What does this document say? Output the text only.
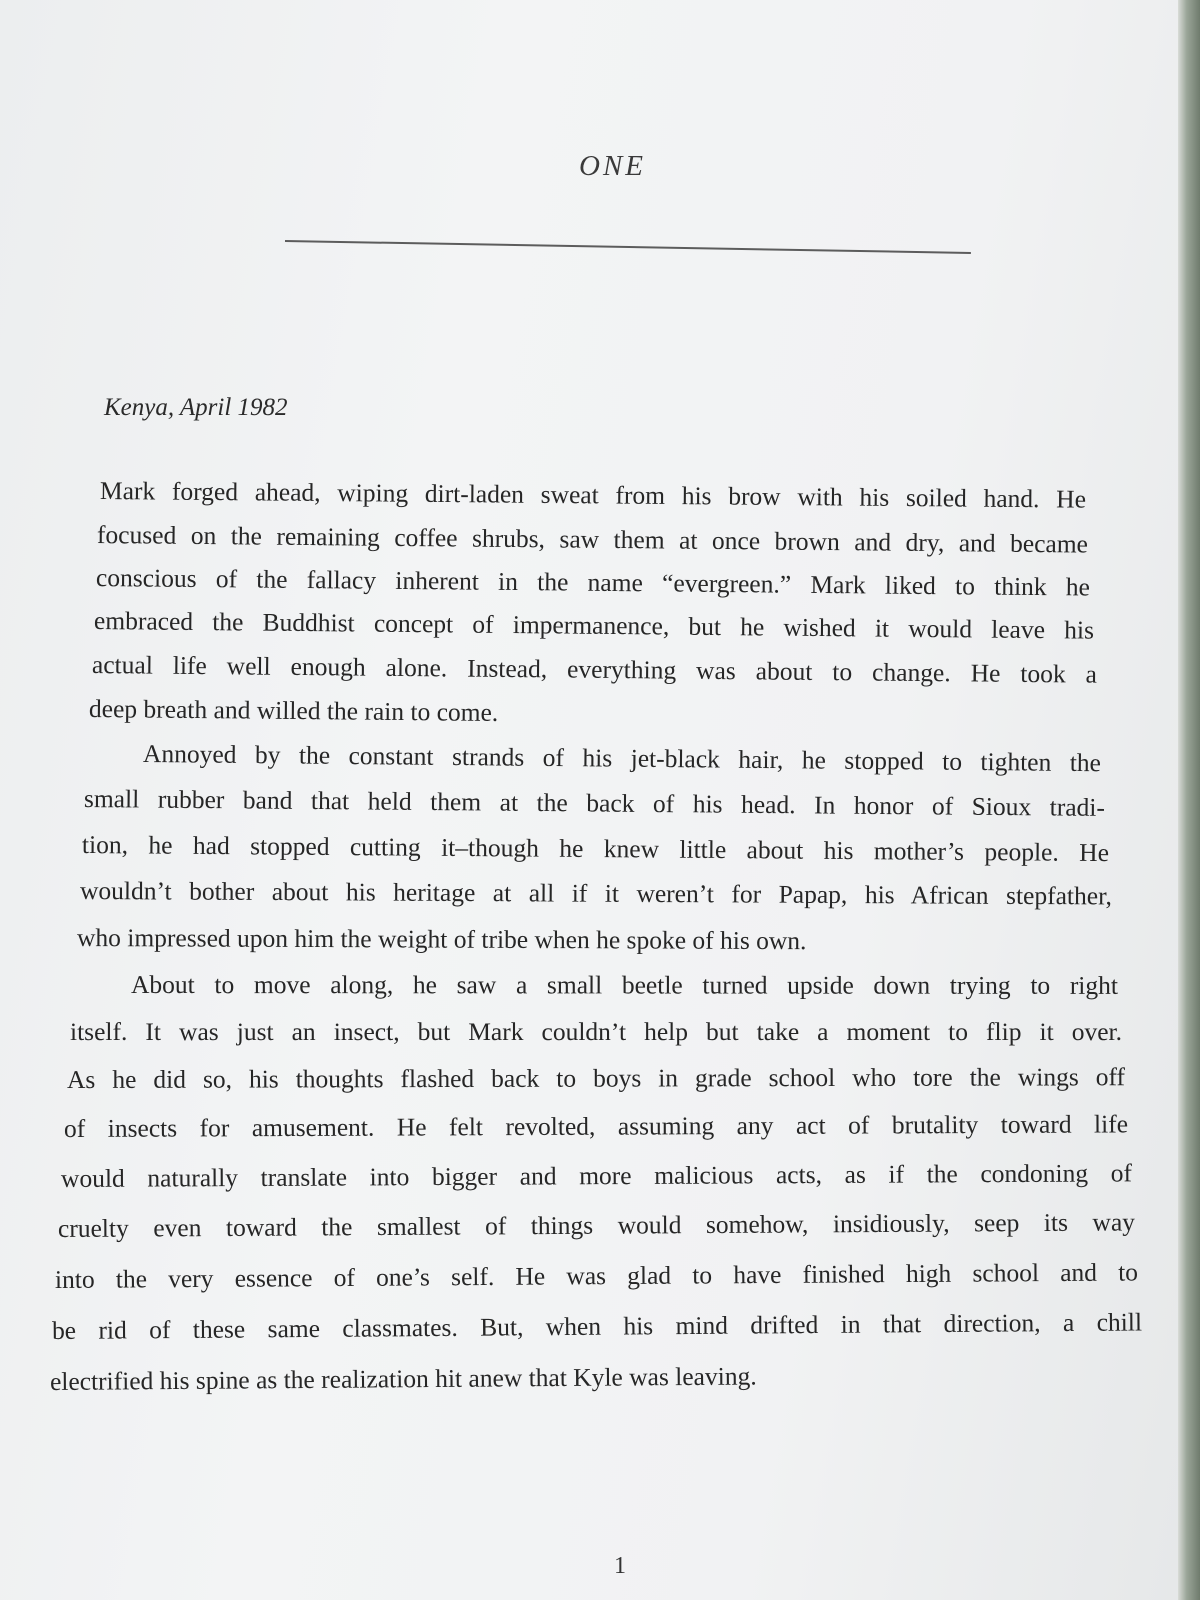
ONE
Kenya, April 1982

Mark forged ahead, wiping dirt-laden sweat from his brow with his soiled hand. He

focused on the remaining coffee shrubs, saw them at once brown and dry, and became

conscious of the fallacy inherent in the name “evergreen.” Mark liked to think he

embraced the Buddhist concept of impermanence, but he wished it would leave his

actual life well enough alone. Instead, everything was about to change. He took a

deep breath and willed the rain to come.

Annoyed by the constant strands of his jet-black hair, he stopped to tighten the

small rubber band that held them at the back of his head. In honor of Sioux tradi-

tion, he had stopped cutting it–though he knew little about his mother’s people. He

wouldn’t bother about his heritage at all if it weren’t for Papap, his African stepfather,

who impressed upon him the weight of tribe when he spoke of his own.

About to move along, he saw a small beetle turned upside down trying to right

itself. It was just an insect, but Mark couldn’t help but take a moment to flip it over.

As he did so, his thoughts flashed back to boys in grade school who tore the wings off

of insects for amusement. He felt revolted, assuming any act of brutality toward life

would naturally translate into bigger and more malicious acts, as if the condoning of

cruelty even toward the smallest of things would somehow, insidiously, seep its way

into the very essence of one’s self. He was glad to have finished high school and to

be rid of these same classmates. But, when his mind drifted in that direction, a chill

electrified his spine as the realization hit anew that Kyle was leaving.

1
